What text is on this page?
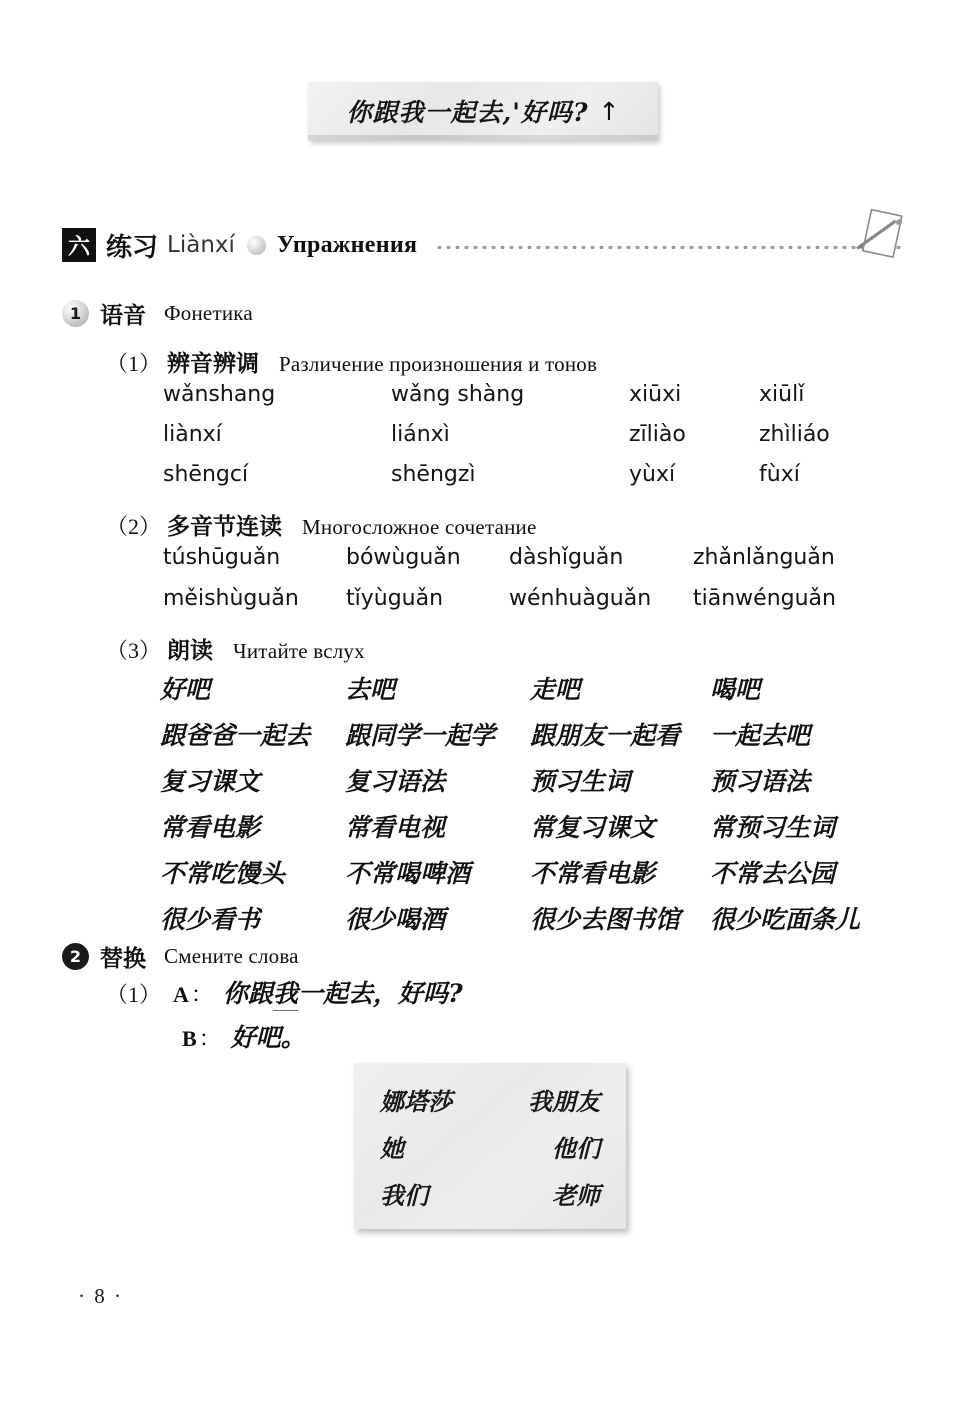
你跟我一起去,'好吗? ↑
六 练习 Liànxí Упражнения
1 语音 Фонетика
（1） 辨音辨调 Различение произношения и тонов
wǎnshang	wǎng shàng	xiūxi	xiūlǐ
liànxí	liánxì	zīliào	zhìliáo
shēngcí	shēngzì	yùxí	fùxí
（2） 多音节连读 Многосложное сочетание
túshūguǎn	bówùguǎn	dàshǐguǎn	zhǎnlǎnguǎn
měishùguǎn	tǐyùguǎn	wénhuàguǎn	tiānwénguǎn
（3） 朗读 Читайте вслух
好吧	去吧	走吧	喝吧
跟爸爸一起去	跟同学一起学	跟朋友一起看	一起去吧
复习课文	复习语法	预习生词	预习语法
常看电影	常看电视	常复习课文	常预习生词
不常吃馒头	不常喝啤酒	不常看电影	不常去公园
很少看书	很少喝酒	很少去图书馆	很少吃面条儿
2 替换 Смените слова
（1） A ： 你跟 我 一起去，好吗?
B ： 好吧。
娜塔莎	我朋友
她	他们
我们	老师
· 8 ·
